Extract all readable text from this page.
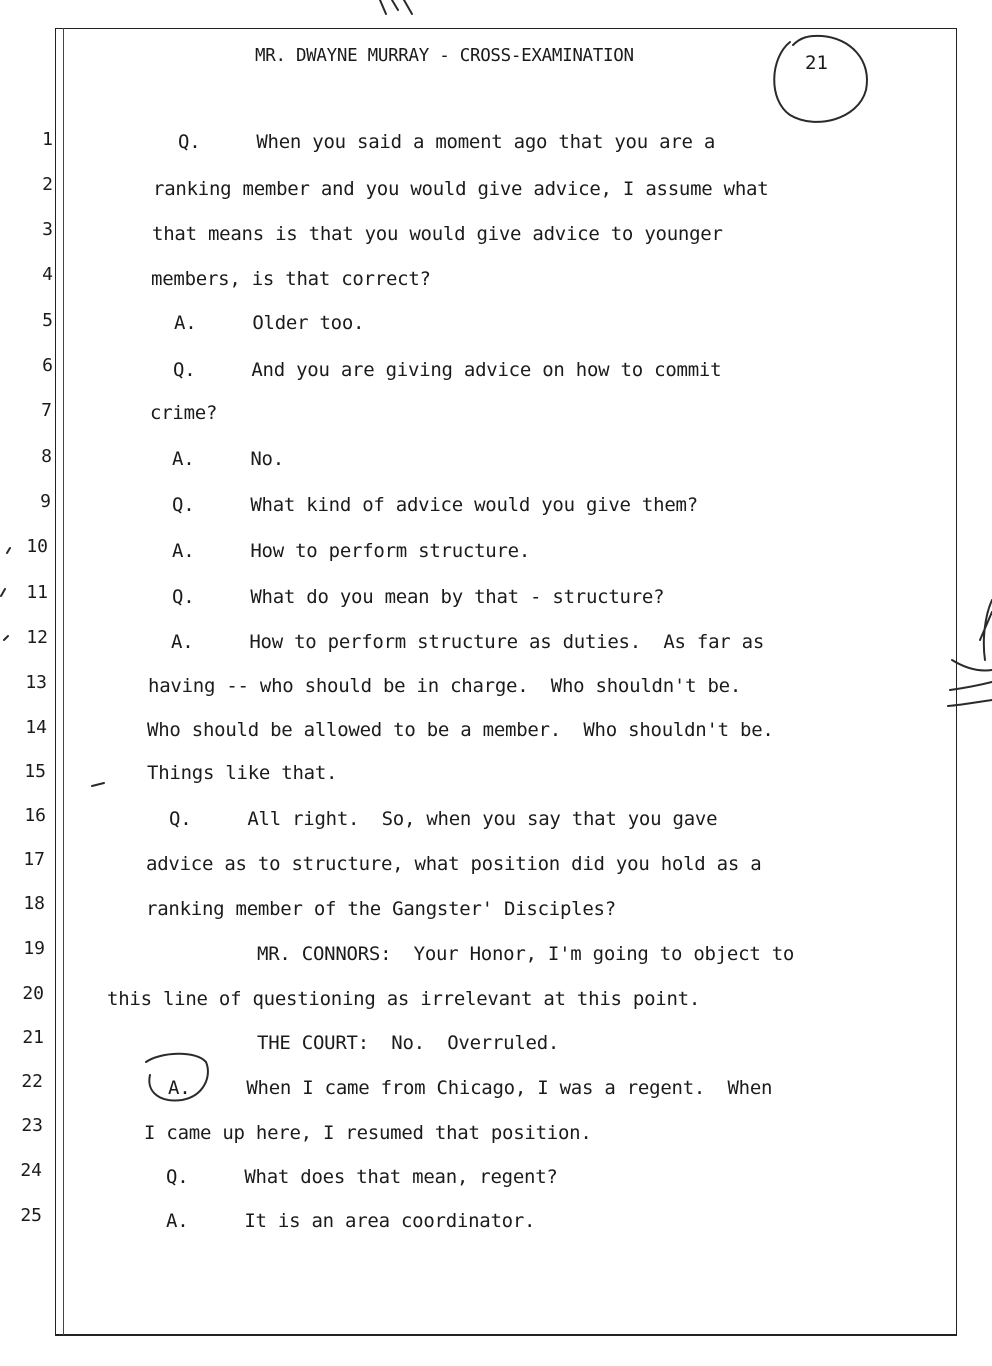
MR. DWAYNE MURRAY - CROSS-EXAMINATION	21
1
2
3
4
5
6
7
8
9
10
11
12
13
14
15
16
17
18
19
20
21
22
23
24
25
Q.     When you said a moment ago that you are a
ranking member and you would give advice, I assume what
that means is that you would give advice to younger
members, is that correct?
A.     Older too.
Q.     And you are giving advice on how to commit
crime?
A.     No.
Q.     What kind of advice would you give them?
A.     How to perform structure.
Q.     What do you mean by that - structure?
A.     How to perform structure as duties.  As far as
having -- who should be in charge.  Who shouldn't be.
Who should be allowed to be a member.  Who shouldn't be.
Things like that.
Q.     All right.  So, when you say that you gave
advice as to structure, what position did you hold as a
ranking member of the Gangster' Disciples?
MR. CONNORS:  Your Honor, I'm going to object to
this line of questioning as irrelevant at this point.
THE COURT:  No.  Overruled.
A.     When I came from Chicago, I was a regent.  When
I came up here, I resumed that position.
Q.     What does that mean, regent?
A.     It is an area coordinator.
